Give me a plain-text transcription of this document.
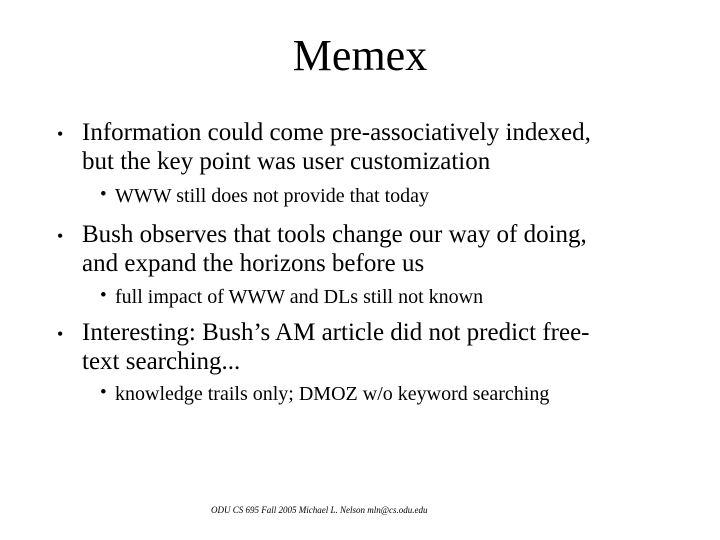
Memex
• Information could come pre-associatively indexed,
but the key point was user customization
• WWW still does not provide that today
• Bush observes that tools change our way of doing,
and expand the horizons before us
• full impact of WWW and DLs still not known
• Interesting: Bush’s AM article did not predict free-
text searching...
• knowledge trails only; DMOZ w/o keyword searching
ODU CS 695 Fall 2005 Michael L. Nelson mln@cs.odu.edu
